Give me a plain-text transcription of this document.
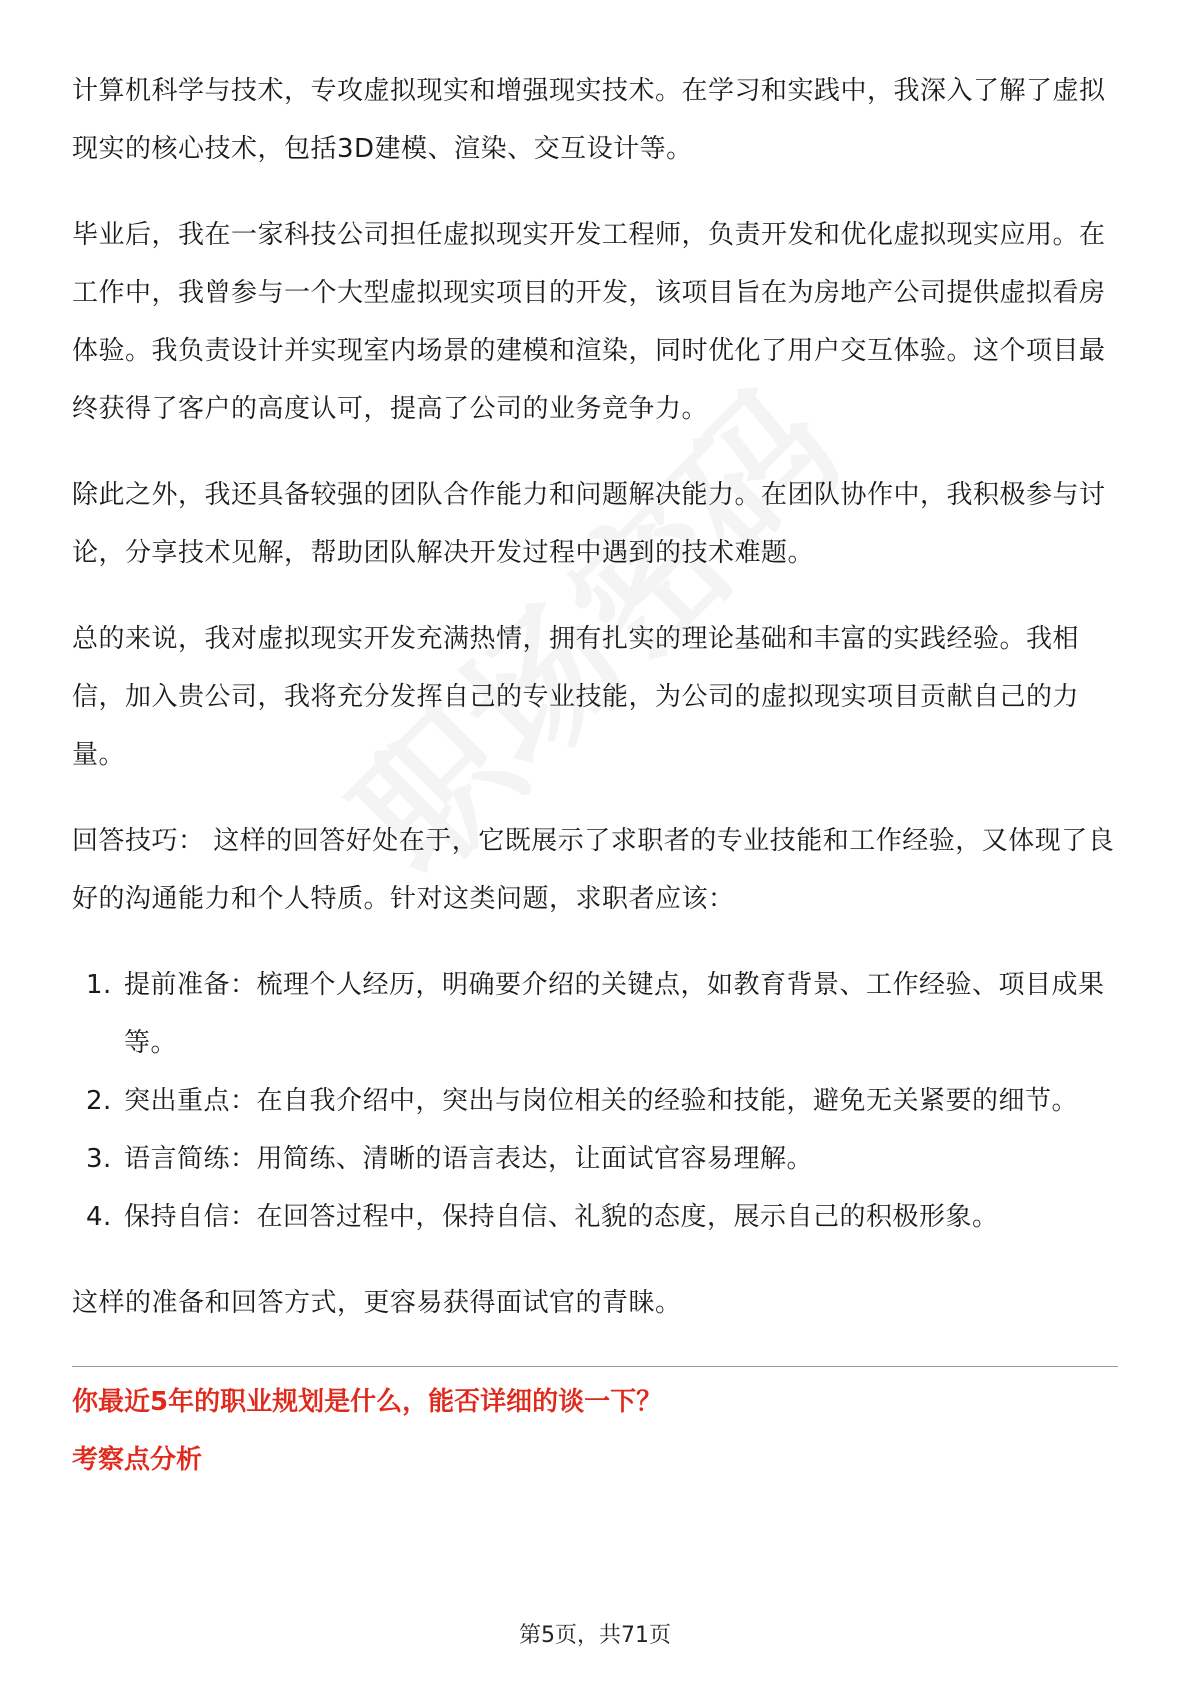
计算机科学与技术，专攻虚拟现实和增强现实技术。在学习和实践中，我深入了解了虚拟现实的核心技术，包括3D建模、渲染、交互设计等。

毕业后，我在一家科技公司担任虚拟现实开发工程师，负责开发和优化虚拟现实应用。在工作中，我曾参与一个大型虚拟现实项目的开发，该项目旨在为房地产公司提供虚拟看房体验。我负责设计并实现室内场景的建模和渲染，同时优化了用户交互体验。这个项目最终获得了客户的高度认可，提高了公司的业务竞争力。

除此之外，我还具备较强的团队合作能力和问题解决能力。在团队协作中，我积极参与讨论，分享技术见解，帮助团队解决开发过程中遇到的技术难题。

总的来说，我对虚拟现实开发充满热情，拥有扎实的理论基础和丰富的实践经验。我相信，加入贵公司，我将充分发挥自己的专业技能，为公司的虚拟现实项目贡献自己的力量。

回答技巧： 这样的回答好处在于，它既展示了求职者的专业技能和工作经验，又体现了良好的沟通能力和个人特质。针对这类问题，求职者应该：

1. 提前准备：梳理个人经历，明确要介绍的关键点，如教育背景、工作经验、项目成果等。
2. 突出重点：在自我介绍中，突出与岗位相关的经验和技能，避免无关紧要的细节。
3. 语言简练：用简练、清晰的语言表达，让面试官容易理解。
4. 保持自信：在回答过程中，保持自信、礼貌的态度，展示自己的积极形象。

这样的准备和回答方式，更容易获得面试官的青睐。

你最近5年的职业规划是什么，能否详细的谈一下？
考察点分析
第5页，共71页
